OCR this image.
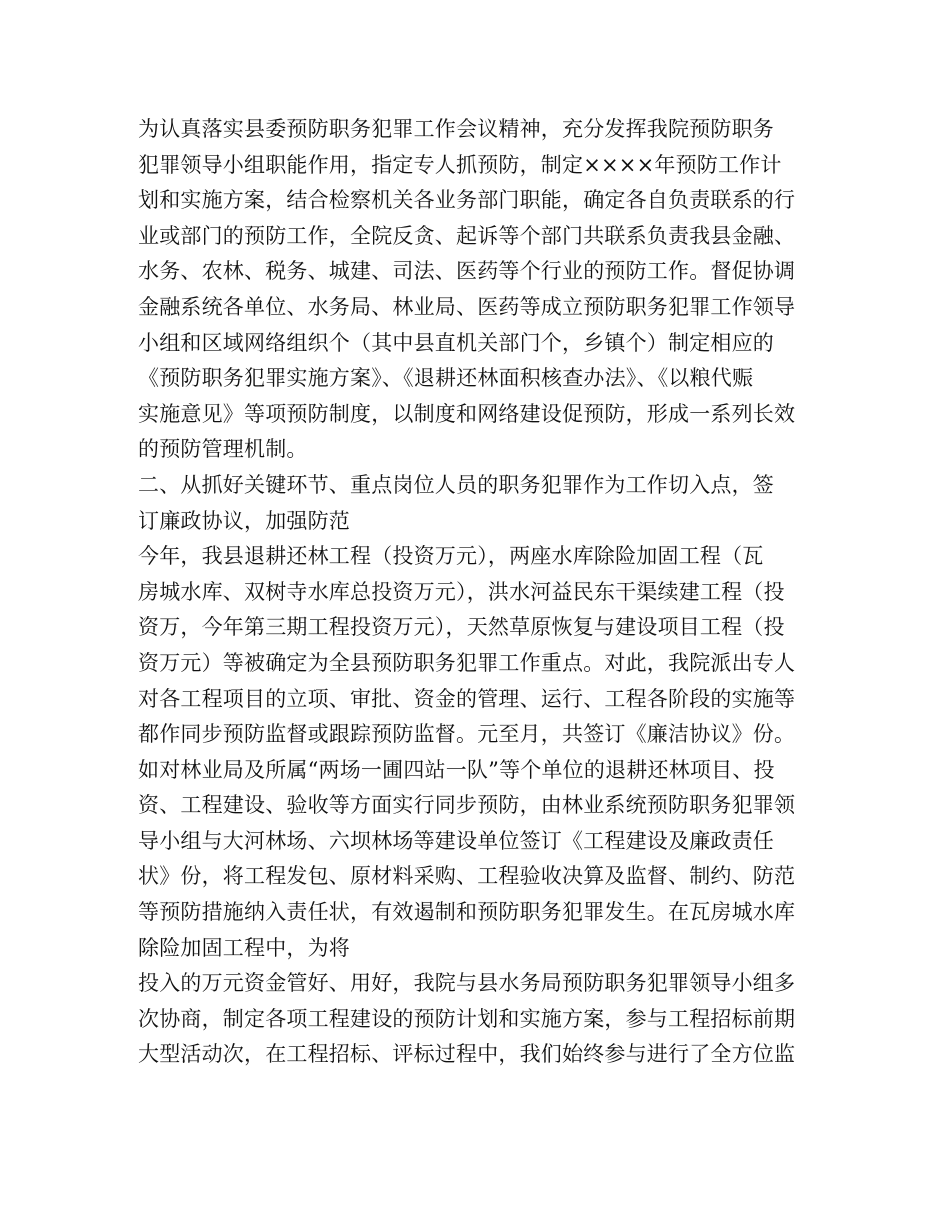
为认真落实县委预防职务犯罪工作会议精神，充分发挥我院预防职务
犯罪领导小组职能作用，指定专人抓预防，制定××××年预防工作计
划和实施方案，结合检察机关各业务部门职能，确定各自负责联系的行
业或部门的预防工作，全院反贪、起诉等个部门共联系负责我县金融、
水务、农林、税务、城建、司法、医药等个行业的预防工作。督促协调
金融系统各单位、水务局、林业局、医药等成立预防职务犯罪工作领导
小组和区域网络组织个（其中县直机关部门个，乡镇个）制定相应的
《预防职务犯罪实施方案》、《退耕还林面积核查办法》、《以粮代赈
实施意见》等项预防制度，以制度和网络建设促预防，形成一系列长效
的预防管理机制。
二、从抓好关键环节、重点岗位人员的职务犯罪作为工作切入点，签
订廉政协议，加强防范
今年，我县退耕还林工程（投资万元），两座水库除险加固工程（瓦
房城水库、双树寺水库总投资万元），洪水河益民东干渠续建工程（投
资万，今年第三期工程投资万元），天然草原恢复与建设项目工程（投
资万元）等被确定为全县预防职务犯罪工作重点。对此，我院派出专人
对各工程项目的立项、审批、资金的管理、运行、工程各阶段的实施等
都作同步预防监督或跟踪预防监督。元至月，共签订《廉洁协议》份。
如对林业局及所属“两场一圃四站一队”等个单位的退耕还林项目、投
资、工程建设、验收等方面实行同步预防，由林业系统预防职务犯罪领
导小组与大河林场、六坝林场等建设单位签订《工程建设及廉政责任
状》份，将工程发包、原材料采购、工程验收决算及监督、制约、防范
等预防措施纳入责任状，有效遏制和预防职务犯罪发生。在瓦房城水库
除险加固工程中，为将
投入的万元资金管好、用好，我院与县水务局预防职务犯罪领导小组多
次协商，制定各项工程建设的预防计划和实施方案，参与工程招标前期
大型活动次，在工程招标、评标过程中，我们始终参与进行了全方位监
